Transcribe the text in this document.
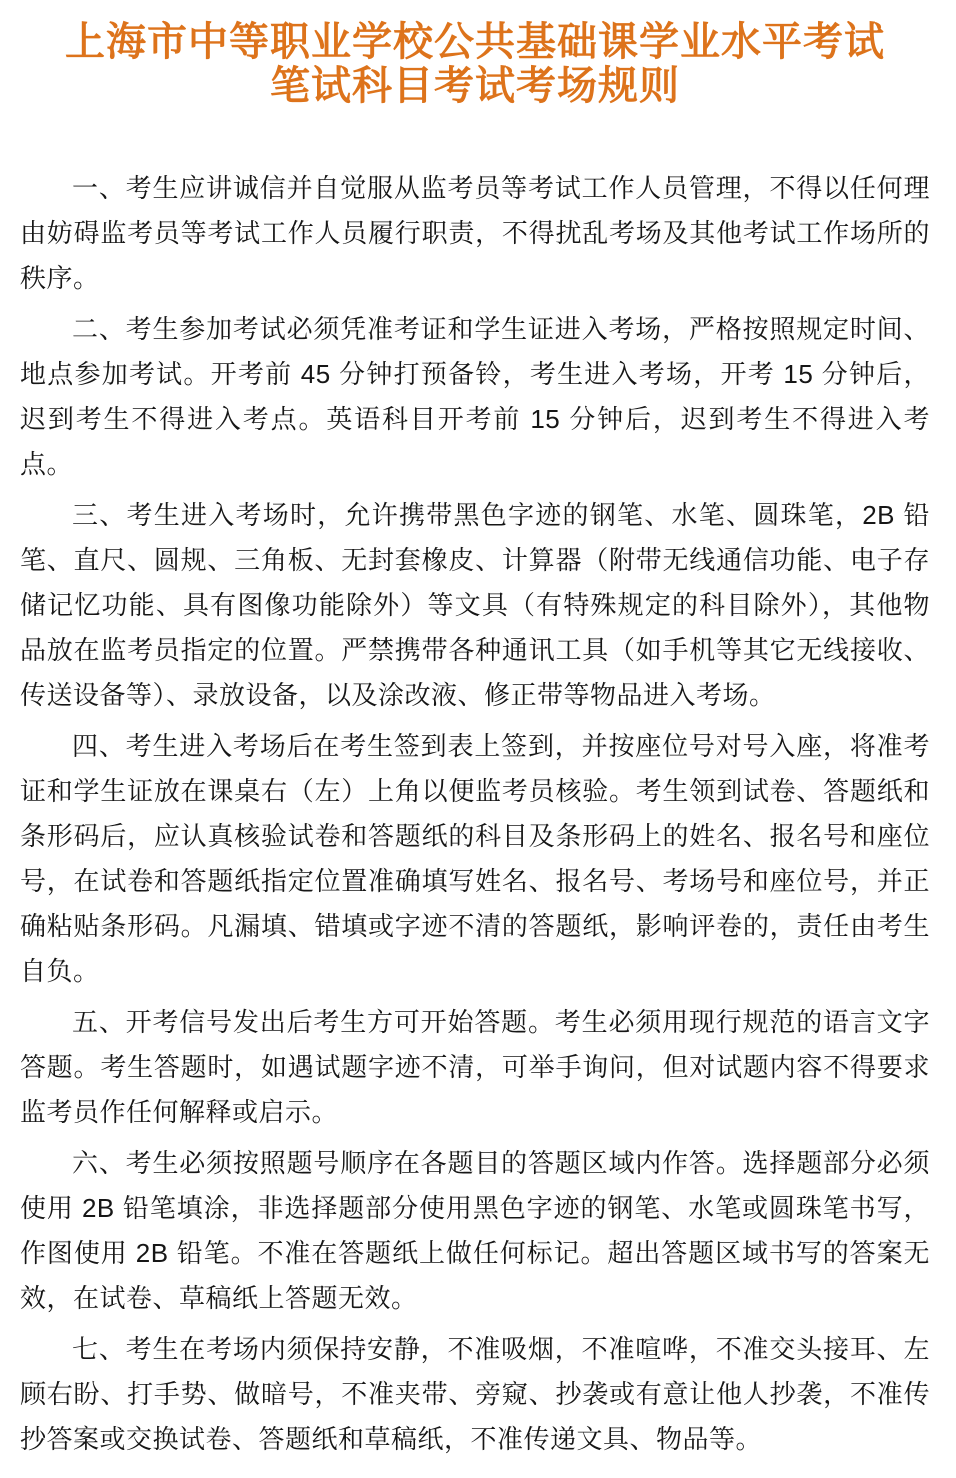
上海市中等职业学校公共基础课学业水平考试
笔试科目考试考场规则

一、考生应讲诚信并自觉服从监考员等考试工作人员管理，不得以任何理由妨碍监考员等考试工作人员履行职责，不得扰乱考场及其他考试工作场所的秩序。

二、考生参加考试必须凭准考证和学生证进入考场，严格按照规定时间、地点参加考试。开考前 45 分钟打预备铃，考生进入考场，开考 15 分钟后，迟到考生不得进入考点。英语科目开考前 15 分钟后，迟到考生不得进入考点。

三、考生进入考场时，允许携带黑色字迹的钢笔、水笔、圆珠笔，2B 铅笔、直尺、圆规、三角板、无封套橡皮、计算器（附带无线通信功能、电子存储记忆功能、具有图像功能除外）等文具（有特殊规定的科目除外），其他物品放在监考员指定的位置。严禁携带各种通讯工具（如手机等其它无线接收、传送设备等）、录放设备，以及涂改液、修正带等物品进入考场。

四、考生进入考场后在考生签到表上签到，并按座位号对号入座，将准考证和学生证放在课桌右（左）上角以便监考员核验。考生领到试卷、答题纸和条形码后，应认真核验试卷和答题纸的科目及条形码上的姓名、报名号和座位号，在试卷和答题纸指定位置准确填写姓名、报名号、考场号和座位号，并正确粘贴条形码。凡漏填、错填或字迹不清的答题纸，影响评卷的，责任由考生自负。

五、开考信号发出后考生方可开始答题。考生必须用现行规范的语言文字答题。考生答题时，如遇试题字迹不清，可举手询问，但对试题内容不得要求监考员作任何解释或启示。

六、考生必须按照题号顺序在各题目的答题区域内作答。选择题部分必须使用 2B 铅笔填涂，非选择题部分使用黑色字迹的钢笔、水笔或圆珠笔书写，作图使用 2B 铅笔。不准在答题纸上做任何标记。超出答题区域书写的答案无效，在试卷、草稿纸上答题无效。

七、考生在考场内须保持安静，不准吸烟，不准喧哗，不准交头接耳、左顾右盼、打手势、做暗号，不准夹带、旁窥、抄袭或有意让他人抄袭，不准传抄答案或交换试卷、答题纸和草稿纸，不准传递文具、物品等。
